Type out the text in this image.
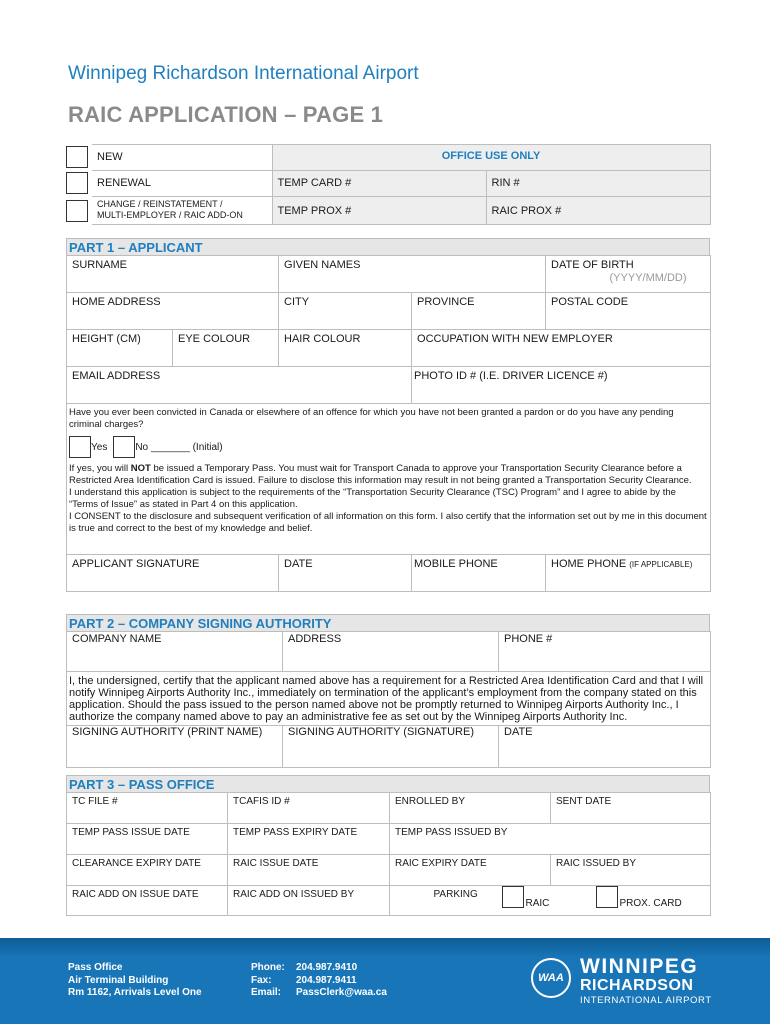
Winnipeg Richardson International Airport
RAIC APPLICATION – PAGE 1
	NEW	OFFICE USE ONLY	
	RENEWAL	TEMP CARD #	RIN #
	CHANGE / REINSTATEMENT /
MULTI-EMPLOYER / RAIC ADD-ON	TEMP PROX #	RAIC PROX #
PART 1 – APPLICANT
SURNAME		GIVEN NAMES		DATE OF BIRTH
(YYYY/MM/DD)

HOME ADDRESS		CITY	PROVINCE	POSTAL CODE
HEIGHT (CM)	EYE COLOUR	HAIR COLOUR	OCCUPATION WITH NEW EMPLOYER	
EMAIL ADDRESS			PHOTO ID # (I.E. DRIVER LICENCE #)	

Have you ever been convicted in Canada or elsewhere of an offence for which you have not been granted a pardon or do you have any pending criminal charges?
Yes No _______ (Initial)
If yes, you will NOT be issued a Temporary Pass. You must wait for Transport Canada to approve your Transportation Security Clearance before a Restricted Area Identification Card is issued. Failure to disclose this information may result in not being granted a Transportation Security Clearance.
I understand this application is subject to the requirements of the “Transportation Security Clearance (TSC) Program” and I agree to abide by the “Terms of Issue” as stated in Part 4 on this application.
I CONSENT to the disclosure and subsequent verification of all information on this form. I also certify that the information set out by me in this document is true and correct to the best of my knowledge and belief.				

APPLICANT SIGNATURE		DATE	MOBILE PHONE	HOME PHONE (IF APPLICABLE)
PART 2 – COMPANY SIGNING AUTHORITY
COMPANY NAME	ADDRESS	PHONE #
I, the undersigned, certify that the applicant named above has a requirement for a Restricted Area Identification Card and that I will notify Winnipeg Airports Authority Inc., immediately on termination of the applicant’s employment from the company stated on this application. Should the pass issued to the person named above not be promptly returned to Winnipeg Airports Authority Inc., I authorize the company named above to pay an administrative fee as set out by the Winnipeg Airports Authority Inc.		
SIGNING AUTHORITY (PRINT NAME)	SIGNING AUTHORITY (SIGNATURE)	DATE
PART 3 – PASS OFFICE
TC FILE #	TCAFIS ID #	ENROLLED BY		SENT DATE
TEMP PASS ISSUE DATE	TEMP PASS EXPIRY DATE	TEMP PASS ISSUED BY		
CLEARANCE EXPIRY DATE	RAIC ISSUE DATE	RAIC EXPIRY DATE		RAIC ISSUED BY
RAIC ADD ON ISSUE DATE	RAIC ADD ON ISSUED BY		PARKING
RAIC PROX. CARD	
Pass Office
Air Terminal Building
Rm 1162, Arrivals Level One
Phone:
Fax:
Email:
204.987.9410
204.987.9411
PassClerk@waa.ca
WAA WINNIPEG
RICHARDSON
INTERNATIONAL AIRPORT
